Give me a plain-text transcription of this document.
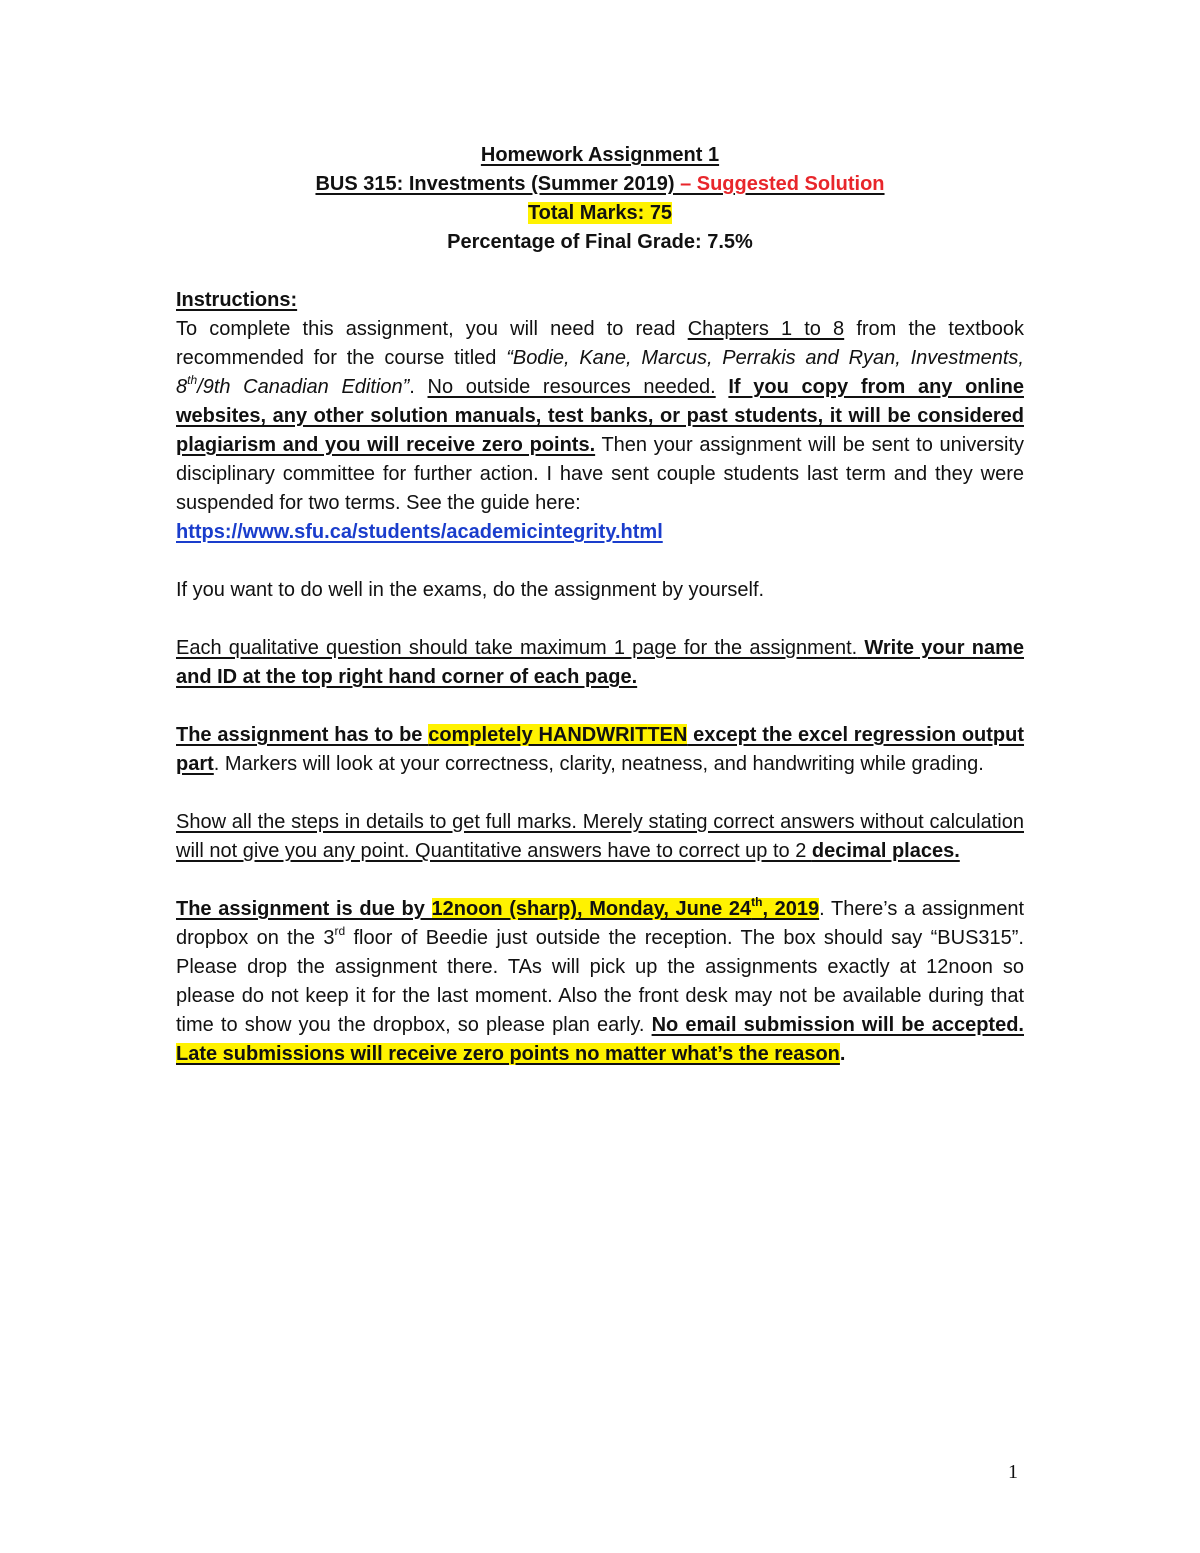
Homework Assignment 1
BUS 315: Investments (Summer 2019) – Suggested Solution
Total Marks: 75
Percentage of Final Grade: 7.5%

Instructions:

To complete this assignment, you will need to read Chapters 1 to 8 from the textbook recommended for the course titled “Bodie, Kane, Marcus, Perrakis and Ryan, Investments, 8th/9th Canadian Edition”. No outside resources needed. If you copy from any online websites, any other solution manuals, test banks, or past students, it will be considered plagiarism and you will receive zero points. Then your assignment will be sent to university disciplinary committee for further action. I have sent couple students last term and they were suspended for two terms. See the guide here:

https://www.sfu.ca/students/academicintegrity.html

If you want to do well in the exams, do the assignment by yourself.

Each qualitative question should take maximum 1 page for the assignment. Write your name and ID at the top right hand corner of each page.

The assignment has to be completely HANDWRITTEN except the excel regression output part. Markers will look at your correctness, clarity, neatness, and handwriting while grading.

Show all the steps in details to get full marks. Merely stating correct answers without calculation will not give you any point. Quantitative answers have to correct up to 2 decimal places.

The assignment is due by 12noon (sharp), Monday, June 24th, 2019. There’s a assignment dropbox on the 3rd floor of Beedie just outside the reception. The box should say “BUS315”. Please drop the assignment there. TAs will pick up the assignments exactly at 12noon so please do not keep it for the last moment. Also the front desk may not be available during that time to show you the dropbox, so please plan early. No email submission will be accepted. Late submissions will receive zero points no matter what’s the reason.

1
